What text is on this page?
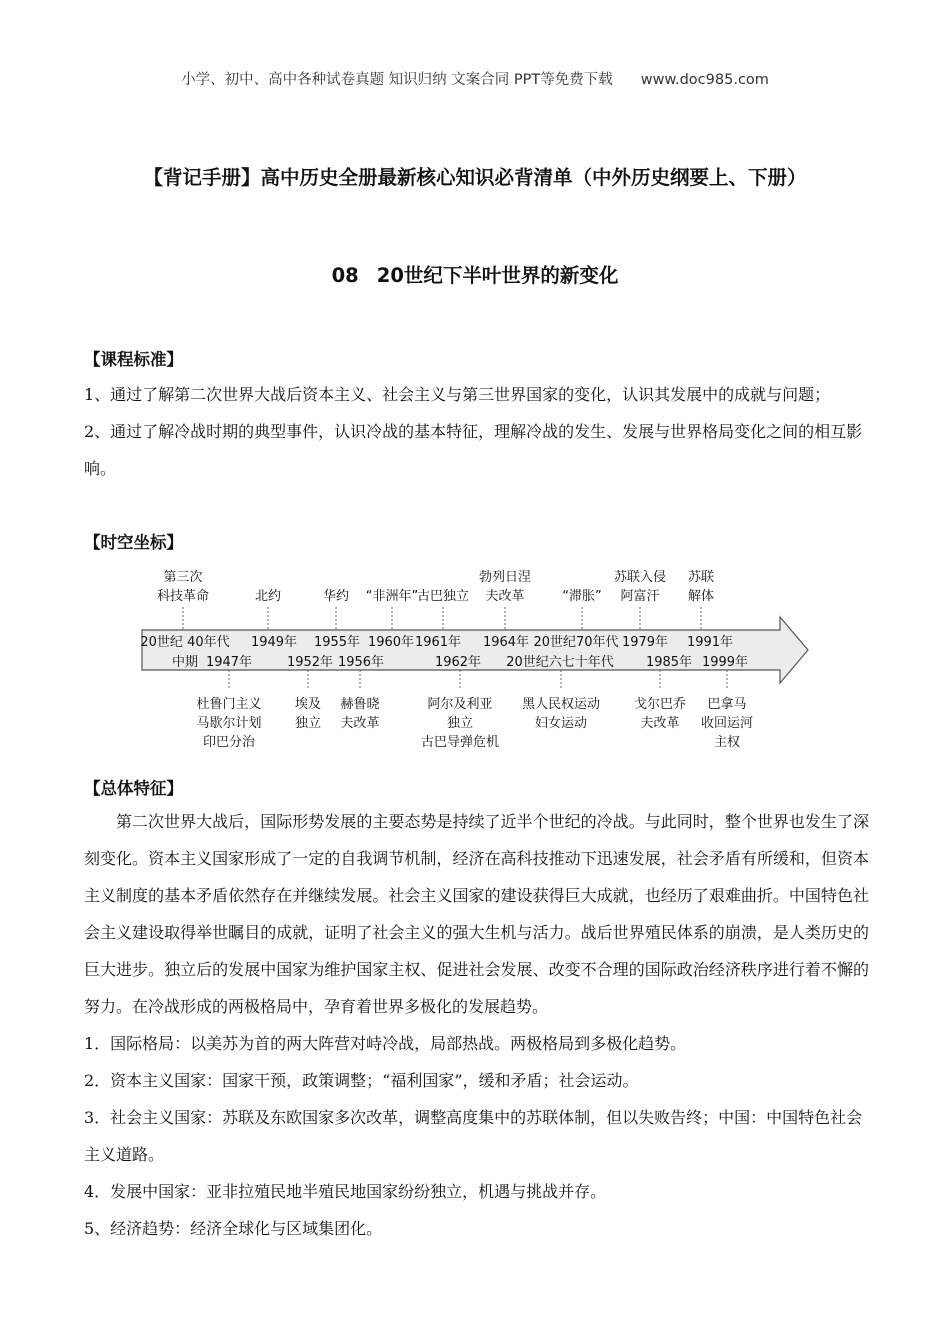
小学、初中、高中各种试卷真题 知识归纳 文案合同 PPT等免费下载 www.doc985.com
【背记手册】高中历史全册最新核心知识必背清单（中外历史纲要上、下册）
08 20世纪下半叶世界的新变化
【课程标准】

1、通过了解第二次世界大战后资本主义、社会主义与第三世界国家的变化，认识其发展中的成就与问题；

2、通过了解冷战时期的典型事件，认识冷战的基本特征，理解冷战的发生、发展与世界格局变化之间的相互影响。

【时空坐标】
第三次
科技革命	北约	华约 “非洲年”
古巴独立
勃列日涅
夫改革	“滞胀”
苏联入侵
阿富汗
苏联
解体
20世纪 40年代 1949年 1955年 1960年 1961年 1964年 20世纪70年代 1979年 1991年
中期 1947年	1952年 1956年	1962年 20世纪六七十年代 1985年 1999年
杜鲁门主义
马歇尔计划
印巴分治
埃及
独立
赫鲁晓
夫改革
阿尔及利亚
独立
古巴导弹危机
黑人民权运动
妇女运动
戈尔巴乔
夫改革
巴拿马
收回运河
主权
【总体特征】

第二次世界大战后，国际形势发展的主要态势是持续了近半个世纪的冷战。与此同时，整个世界也发生了深刻变化。资本主义国家形成了一定的自我调节机制，经济在高科技推动下迅速发展，社会矛盾有所缓和，但资本主义制度的基本矛盾依然存在并继续发展。社会主义国家的建设获得巨大成就，也经历了艰难曲折。中国特色社会主义建设取得举世瞩目的成就，证明了社会主义的强大生机与活力。战后世界殖民体系的崩溃，是人类历史的巨大进步。独立后的发展中国家为维护国家主权、促进社会发展、改变不合理的国际政治经济秩序进行着不懈的努力。在冷战形成的两极格局中，孕育着世界多极化的发展趋势。

1．国际格局：以美苏为首的两大阵营对峙冷战，局部热战。两极格局到多极化趋势。

2．资本主义国家：国家干预，政策调整；“福利国家”，缓和矛盾；社会运动。

3．社会主义国家：苏联及东欧国家多次改革，调整高度集中的苏联体制，但以失败告终；中国：中国特色社会主义道路。

4．发展中国家：亚非拉殖民地半殖民地国家纷纷独立，机遇与挑战并存。

5、经济趋势：经济全球化与区域集团化。
